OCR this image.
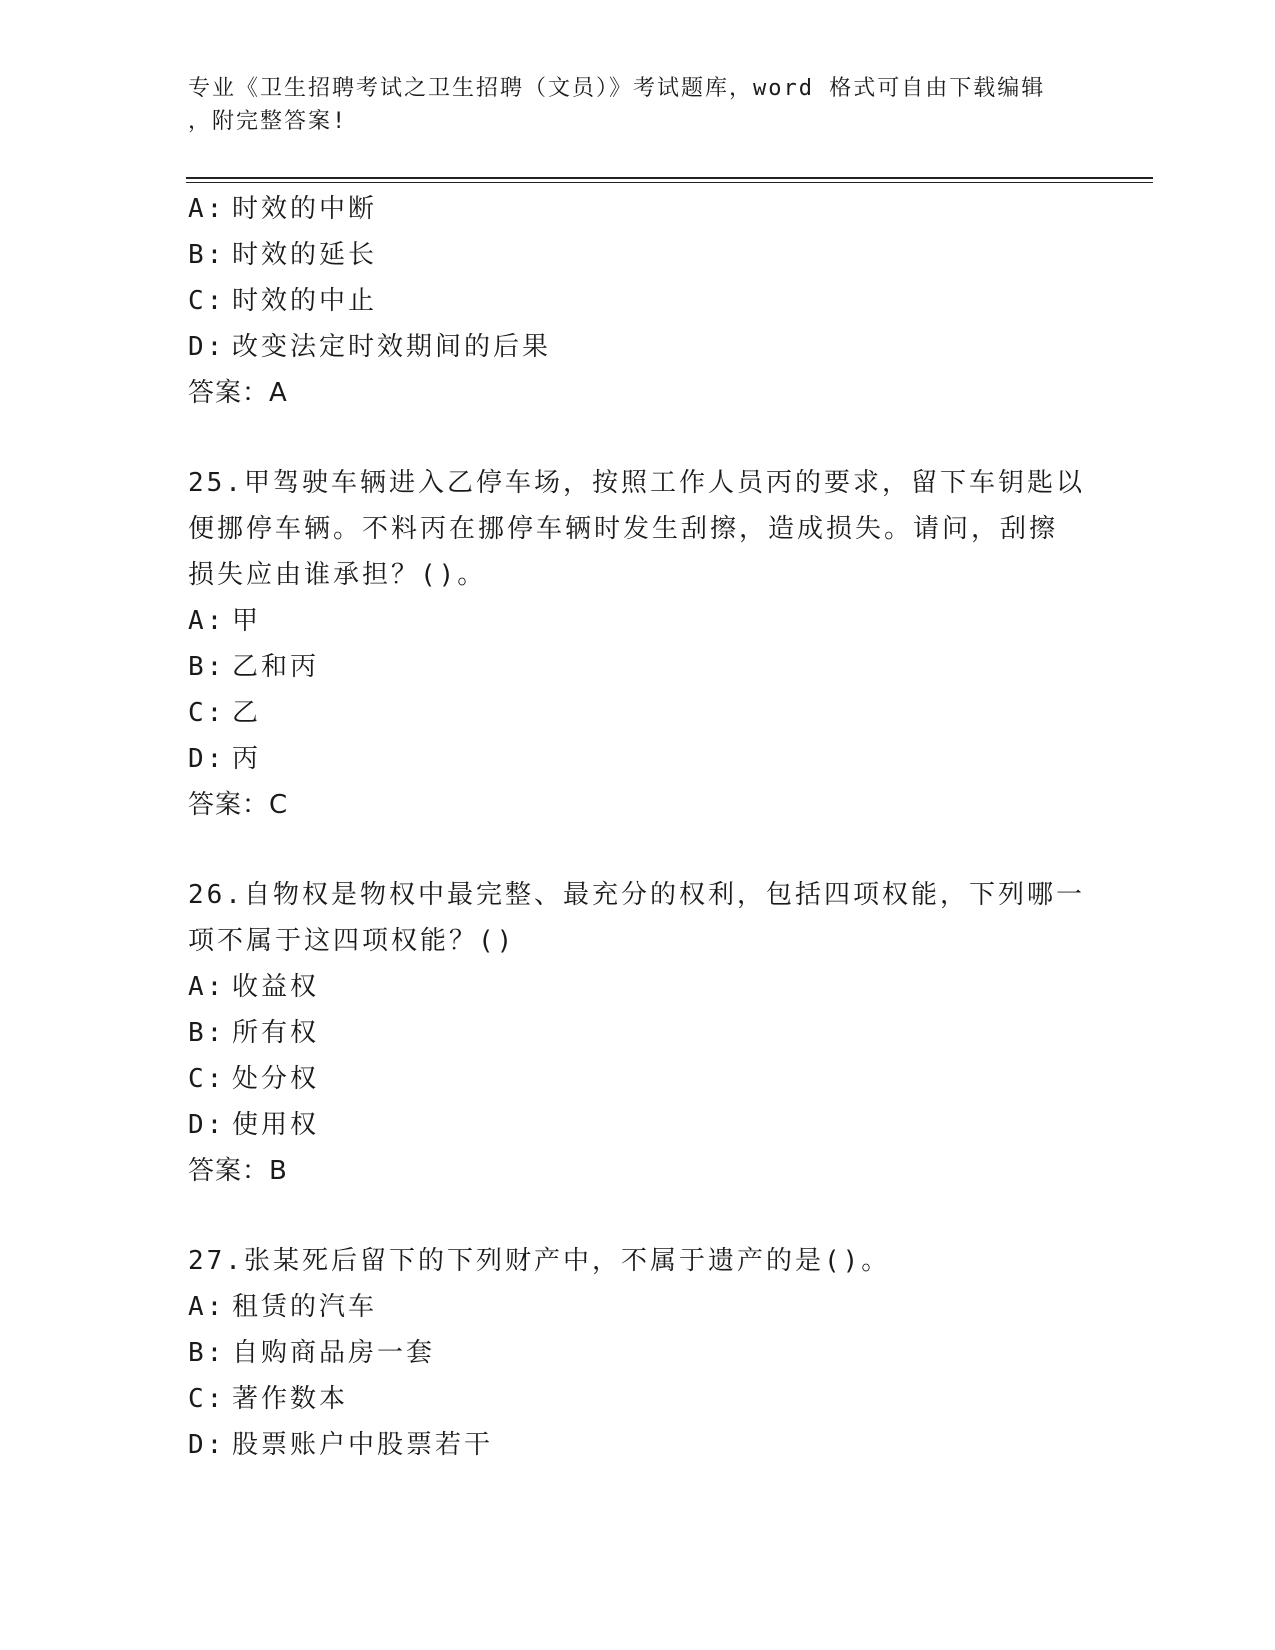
专业《卫生招聘考试之卫生招聘（文员）》考试题库，word 格式可自由下载编辑
，附完整答案!
A: 时效的中断
B: 时效的延长
C: 时效的中止
D: 改变法定时效期间的后果
答案：A
25.甲驾驶车辆进入乙停车场，按照工作人员丙的要求，留下车钥匙以
便挪停车辆。不料丙在挪停车辆时发生刮擦，造成损失。请问，刮擦
损失应由谁承担？()。
A: 甲
B: 乙和丙
C: 乙
D: 丙
答案：C
26.自物权是物权中最完整、最充分的权利，包括四项权能，下列哪一
项不属于这四项权能？()
A: 收益权
B: 所有权
C: 处分权
D: 使用权
答案：B
27.张某死后留下的下列财产中，不属于遗产的是()。
A: 租赁的汽车
B: 自购商品房一套
C: 著作数本
D: 股票账户中股票若干
